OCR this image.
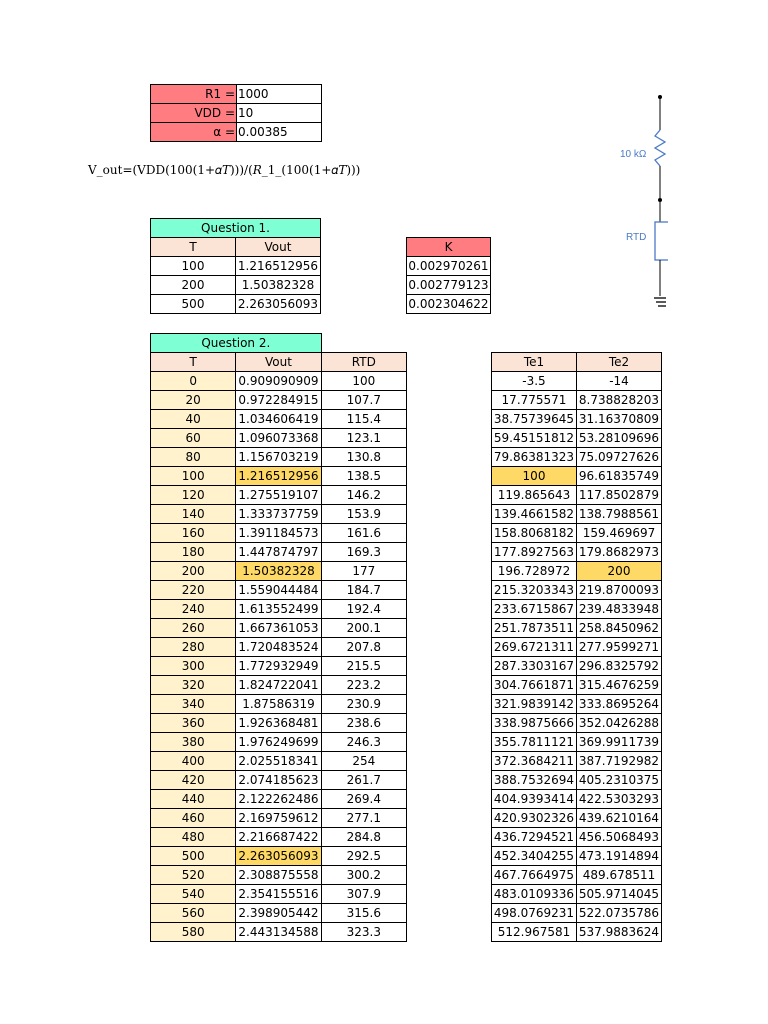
R1 =	1000
VDD =	10
α =	0.00385
V_out=(VDD(100(1+𝛼𝑇)))/(𝑅_1_(100(1+𝛼𝑇)))
Question 1.	
T	Vout
100	1.216512956
200	1.50382328
500	2.263056093
K
0.002970261
0.002779123
0.002304622
Question 2.		
T	Vout	RTD
0	0.909090909	100
20	0.972284915	107.7
40	1.034606419	115.4
60	1.096073368	123.1
80	1.156703219	130.8
100	1.216512956	138.5
120	1.275519107	146.2
140	1.333737759	153.9
160	1.391184573	161.6
180	1.447874797	169.3
200	1.50382328	177
220	1.559044484	184.7
240	1.613552499	192.4
260	1.667361053	200.1
280	1.720483524	207.8
300	1.772932949	215.5
320	1.824722041	223.2
340	1.87586319	230.9
360	1.926368481	238.6
380	1.976249699	246.3
400	2.025518341	254
420	2.074185623	261.7
440	2.122262486	269.4
460	2.169759612	277.1
480	2.216687422	284.8
500	2.263056093	292.5
520	2.308875558	300.2
540	2.354155516	307.9
560	2.398905442	315.6
580	2.443134588	323.3
Te1	Te2
-3.5	-14
17.775571	8.738828203
38.75739645	31.16370809
59.45151812	53.28109696
79.86381323	75.09727626
100	96.61835749
119.865643	117.8502879
139.4661582	138.7988561
158.8068182	159.469697
177.8927563	179.8682973
196.728972	200
215.3203343	219.8700093
233.6715867	239.4833948
251.7873511	258.8450962
269.6721311	277.9599271
287.3303167	296.8325792
304.7661871	315.4676259
321.9839142	333.8695264
338.9875666	352.0426288
355.7811121	369.9911739
372.3684211	387.7192982
388.7532694	405.2310375
404.9393414	422.5303293
420.9302326	439.6210164
436.7294521	456.5068493
452.3404255	473.1914894
467.7664975	489.678511
483.0109336	505.9714045
498.0769231	522.0735786
512.967581	537.9883624
10 kΩ
RTD
